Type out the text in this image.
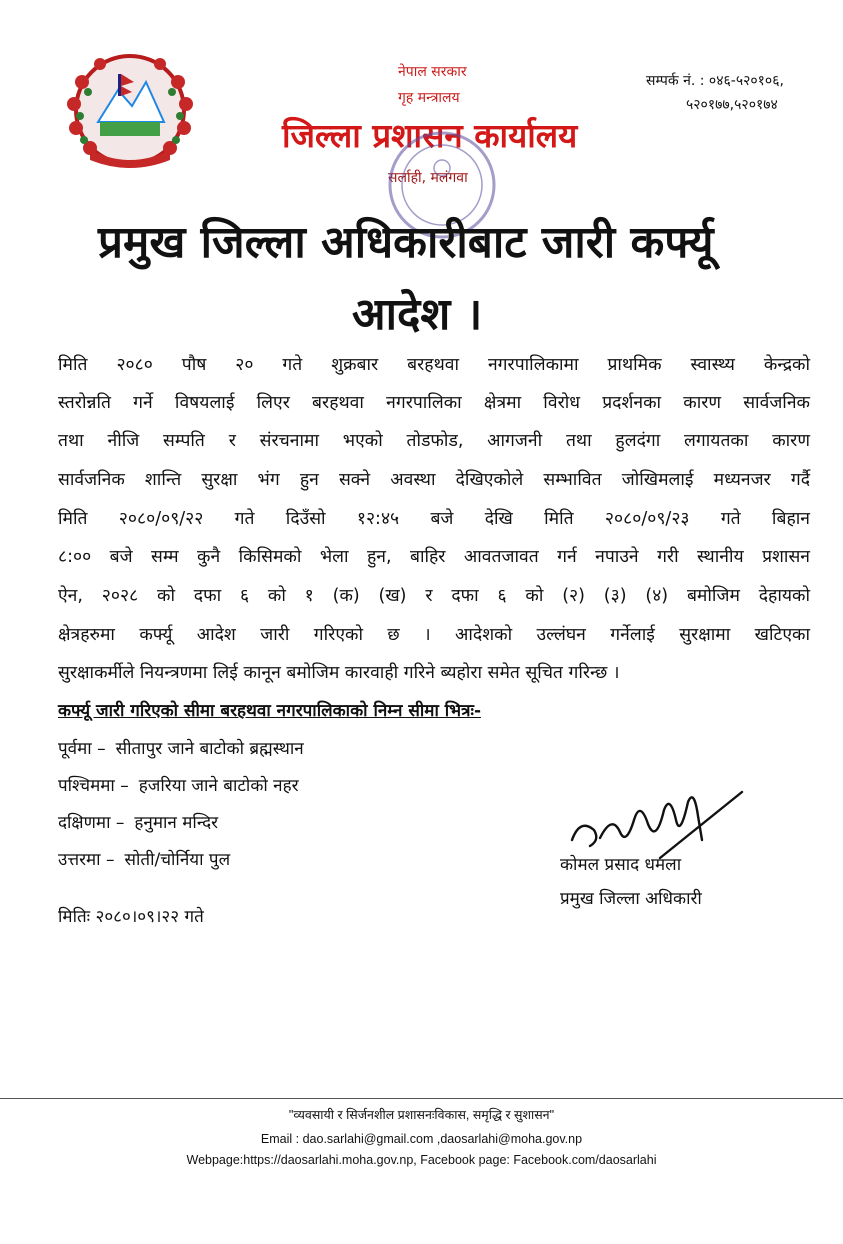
नेपाल सरकार
गृह मन्त्रालय
जिल्ला प्रशासन कार्यालय
सर्लाही, मलंगवा
सम्पर्क नं. : ०४६-५२०१०६,
५२०१७७,५२०१७४
प्रमुख जिल्ला अधिकारीबाट जारी कर्फ्यू
आदेश ।
मिति २०८० पौष २० गते शुक्रबार बरहथवा नगरपालिकामा प्राथमिक स्वास्थ्य केन्द्रको
स्तरोन्नति गर्ने विषयलाई लिएर बरहथवा नगरपालिका क्षेत्रमा विरोध प्रदर्शनका कारण सार्वजनिक
तथा नीजि सम्पति र संरचनामा भएको तोडफोड, आगजनी तथा हुलदंगा लगायतका कारण
सार्वजनिक शान्ति सुरक्षा भंग हुन सक्ने अवस्था देखिएकोले सम्भावित जोखिमलाई मध्यनजर गर्दै
मिति २०८०/०९/२२ गते दिउँसो १२:४५ बजे देखि मिति २०८०/०९/२३ गते बिहान
८:०० बजे सम्म कुनै किसिमको भेला हुन, बाहिर आवतजावत गर्न नपाउने गरी स्थानीय प्रशासन
ऐन, २०२८ को दफा ६ को १ (क) (ख) र दफा ६ को (२) (३) (४) बमोजिम देहायको
क्षेत्रहरुमा कर्फ्यू आदेश जारी गरिएको छ । आदेशको उल्लंघन गर्नेलाई सुरक्षामा खटिएका
सुरक्षाकर्मीले नियन्त्रणमा लिई कानून बमोजिम कारवाही गरिने ब्यहोरा समेत सूचित गरिन्छ ।
कर्फ्यू जारी गरिएको सीमा बरहथवा नगरपालिकाको निम्न सीमा भित्रः-
पूर्वमा – सीतापुर जाने बाटोको ब्रह्मस्थान
पश्चिममा – हजरिया जाने बाटोको नहर
दक्षिणमा – हनुमान मन्दिर
उत्तरमा – सोती/चोर्निया पुल	कोमल प्रसाद धमला
प्रमुख जिल्ला अधिकारी
मितिः २०८०।०९।२२ गते
"व्यवसायी र सिर्जनशील प्रशासनःविकास, समृद्धि र सुशासन"
Email : dao.sarlahi@gmail.com ,daosarlahi@moha.gov.np
Webpage:https://daosarlahi.moha.gov.np, Facebook page: Facebook.com/daosarlahi
